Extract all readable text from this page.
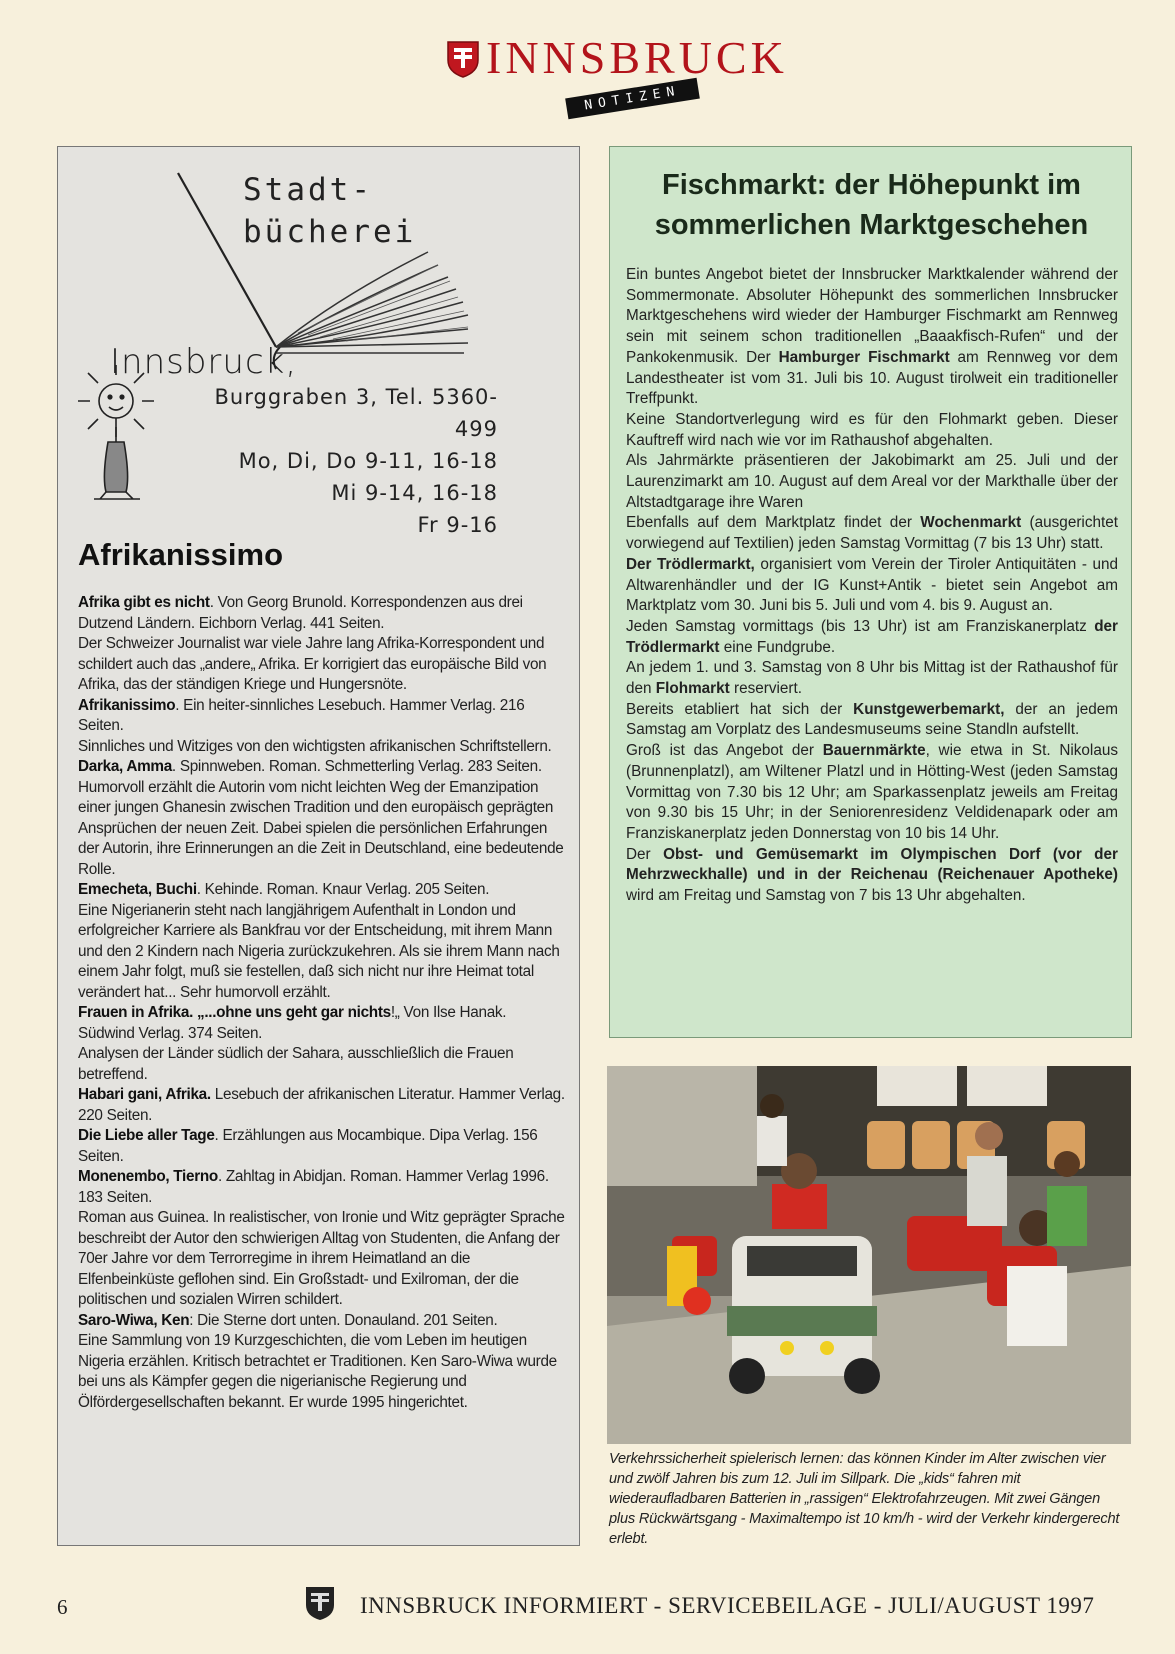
INNSBRUCK
NOTIZEN
Stadt-
bücherei
Innsbruck,
Burggraben 3, Tel. 5360-499
Mo, Di, Do 9-11, 16-18
Mi 9-14, 16-18
Fr 9-16
Afrikanissimo

Afrika gibt es nicht. Von Georg Brunold. Korrespondenzen aus drei Dutzend Ländern. Eichborn Verlag. 441 Seiten.

Der Schweizer Journalist war viele Jahre lang Afrika-Korrespondent und schildert auch das „andere„ Afrika. Er korrigiert das europäische Bild von Afrika, das der ständigen Kriege und Hungersnöte.

Afrikanissimo. Ein heiter-sinnliches Lesebuch. Hammer Verlag. 216 Seiten.

Sinnliches und Witziges von den wichtigsten afrikanischen Schriftstellern.

Darka, Amma. Spinnweben. Roman. Schmetterling Verlag. 283 Seiten.

Humorvoll erzählt die Autorin vom nicht leichten Weg der Emanzipation einer jungen Ghanesin zwischen Tradition und den europäisch geprägten Ansprüchen der neuen Zeit. Dabei spielen die persönlichen Erfahrungen der Autorin, ihre Erinnerungen an die Zeit in Deutschland, eine bedeutende Rolle.

Emecheta, Buchi. Kehinde. Roman. Knaur Verlag. 205 Seiten.

Eine Nigerianerin steht nach langjährigem Aufenthalt in London und erfolgreicher Karriere als Bankfrau vor der Entscheidung, mit ihrem Mann und den 2 Kindern nach Nigeria zurückzukehren. Als sie ihrem Mann nach einem Jahr folgt, muß sie festellen, daß sich nicht nur ihre Heimat total verändert hat... Sehr humorvoll erzählt.

Frauen in Afrika. „...ohne uns geht gar nichts!„ Von Ilse Hanak. Südwind Verlag. 374 Seiten.

Analysen der Länder südlich der Sahara, ausschließlich die Frauen betreffend.

Habari gani, Afrika. Lesebuch der afrikanischen Literatur. Hammer Verlag. 220 Seiten.

Die Liebe aller Tage. Erzählungen aus Mocambique. Dipa Verlag. 156 Seiten.

Monenembo, Tierno. Zahltag in Abidjan. Roman. Hammer Verlag 1996. 183 Seiten.

Roman aus Guinea. In realistischer, von Ironie und Witz geprägter Sprache beschreibt der Autor den schwierigen Alltag von Studenten, die Anfang der 70er Jahre vor dem Terrorregime in ihrem Heimatland an die Elfenbeinküste geflohen sind. Ein Großstadt- und Exilroman, der die politischen und sozialen Wirren schildert.

Saro-Wiwa, Ken: Die Sterne dort unten. Donauland. 201 Seiten.

Eine Sammlung von 19 Kurzgeschichten, die vom Leben im heutigen Nigeria erzählen. Kritisch betrachtet er Traditionen. Ken Saro-Wiwa wurde bei uns als Kämpfer gegen die nigerianische Regierung und Ölfördergesellschaften bekannt. Er wurde 1995 hingerichtet.

Fischmarkt: der Höhepunkt im sommerlichen Marktgeschehen

Ein buntes Angebot bietet der Innsbrucker Marktkalender während der Sommermonate. Absoluter Höhepunkt des sommerlichen Innsbrucker Marktgeschehens wird wieder der Hamburger Fischmarkt am Rennweg sein mit seinem schon traditionellen „Baaakfisch-Rufen“ und der Pankokenmusik. Der Hamburger Fischmarkt am Rennweg vor dem Landestheater ist vom 31. Juli bis 10. August tirolweit ein traditioneller Treffpunkt.

Keine Standortverlegung wird es für den Flohmarkt geben. Dieser Kauftreff wird nach wie vor im Rathaushof abgehalten.

Als Jahrmärkte präsentieren der Jakobimarkt am 25. Juli und der Laurenzimarkt am 10. August auf dem Areal vor der Markthalle über der Altstadtgarage ihre Waren

Ebenfalls auf dem Marktplatz findet der Wochenmarkt (ausgerichtet vorwiegend auf Textilien) jeden Samstag Vormittag (7 bis 13 Uhr) statt.

Der Trödlermarkt, organisiert vom Verein der Tiroler Antiquitäten - und Altwarenhändler und der IG Kunst+Antik - bietet sein Angebot am Marktplatz vom 30. Juni bis 5. Juli und vom 4. bis 9. August an.

Jeden Samstag vormittags (bis 13 Uhr) ist am Franziskanerplatz der Trödlermarkt eine Fundgrube.

An jedem 1. und 3. Samstag von 8 Uhr bis Mittag ist der Rathaushof für den Flohmarkt reserviert.

Bereits etabliert hat sich der Kunstgewerbemarkt, der an jedem Samstag am Vorplatz des Landesmuseums seine Standln aufstellt.

Groß ist das Angebot der Bauernmärkte, wie etwa in St. Nikolaus (Brunnenplatzl), am Wiltener Platzl und in Hötting-West (jeden Samstag Vormittag von 7.30 bis 12 Uhr; am Sparkassenplatz jeweils am Freitag von 9.30 bis 15 Uhr; in der Seniorenresidenz Veldidenapark oder am Franziskanerplatz jeden Donnerstag von 10 bis 14 Uhr.

Der Obst- und Gemüsemarkt im Olympischen Dorf (vor der Mehrzweckhalle) und in der Reichenau (Reichenauer Apotheke) wird am Freitag und Samstag von 7 bis 13 Uhr abgehalten.

Verkehrssicherheit spielerisch lernen: das können Kinder im Alter zwischen vier und zwölf Jahren bis zum 12. Juli im Sillpark. Die „kids“ fahren mit wiederaufladbaren Batterien in „rassigen“ Elektrofahrzeugen. Mit zwei Gängen plus Rückwärtsgang - Maximaltempo ist 10 km/h - wird der Verkehr kindergerecht erlebt.
6	INNSBRUCK INFORMIERT - SERVICEBEILAGE - JULI/AUGUST 1997
